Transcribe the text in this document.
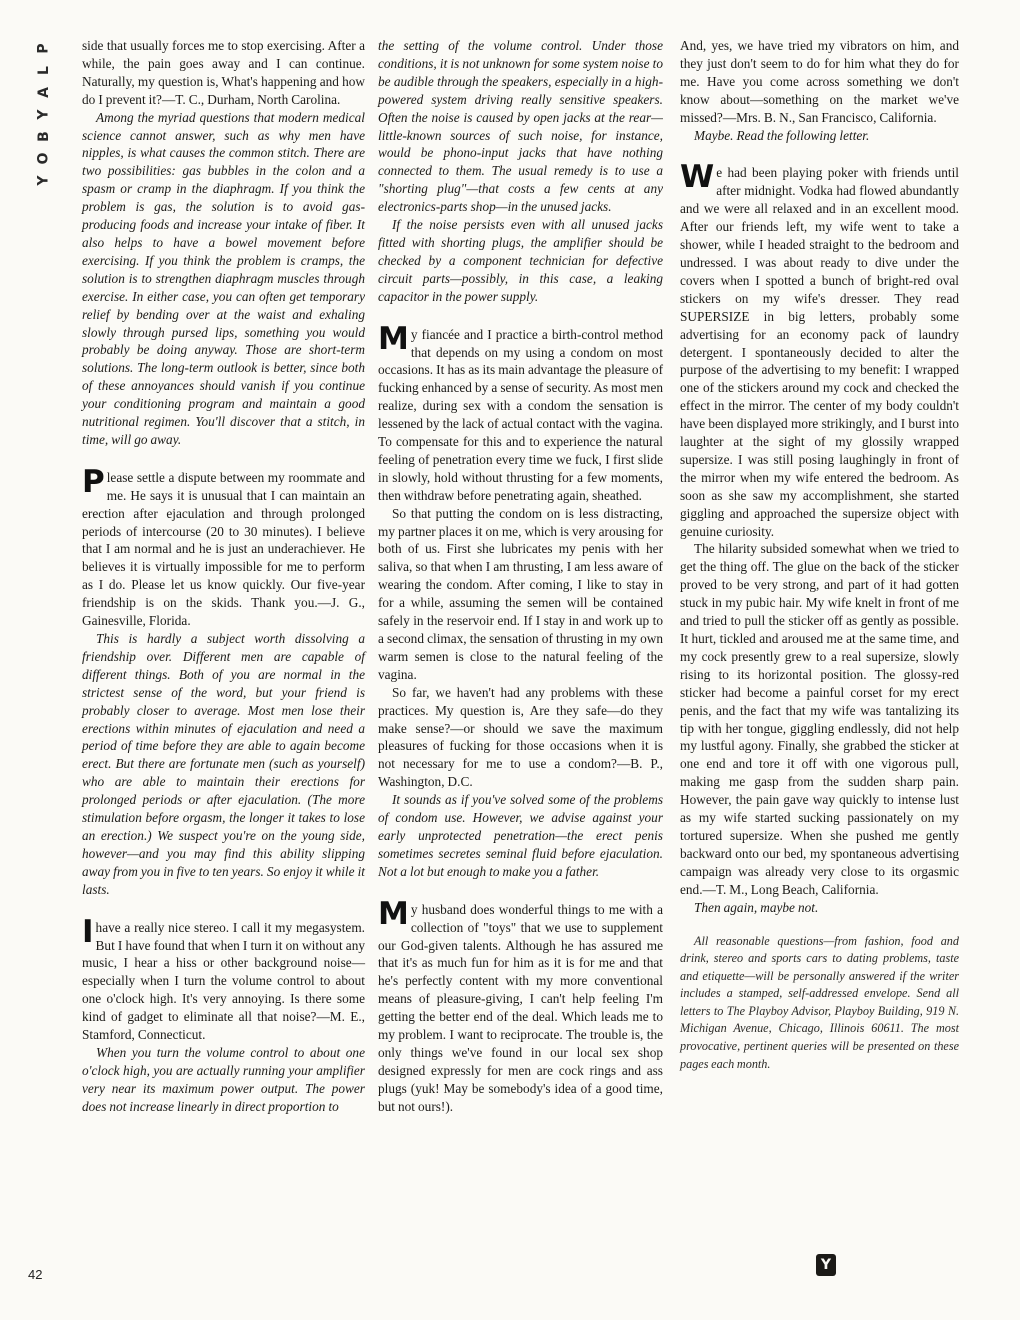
P
L
A
Y
B
O
Y
42

side that usually forces me to stop exercising. After a while, the pain goes away and I can continue. Naturally, my question is, What's happening and how do I prevent it?—T. C., Durham, North Carolina.

Among the myriad questions that modern medical science cannot answer, such as why men have nipples, is what causes the common stitch. There are two possibilities: gas bubbles in the colon and a spasm or cramp in the diaphragm. If you think the problem is gas, the solution is to avoid gas-producing foods and increase your intake of fiber. It also helps to have a bowel movement before exercising. If you think the problem is cramps, the solution is to strengthen diaphragm muscles through exercise. In either case, you can often get temporary relief by bending over at the waist and exhaling slowly through pursed lips, something you would probably be doing anyway. Those are short-term solutions. The long-term outlook is better, since both of these annoyances should vanish if you continue your conditioning program and maintain a good nutritional regimen. You'll discover that a stitch, in time, will go away.

Please settle a dispute between my roommate and me. He says it is unusual that I can maintain an erection after ejaculation and through prolonged periods of intercourse (20 to 30 minutes). I believe that I am normal and he is just an underachiever. He believes it is virtually impossible for me to perform as I do. Please let us know quickly. Our five-year friendship is on the skids. Thank you.—J. G., Gainesville, Florida.

This is hardly a subject worth dissolving a friendship over. Different men are capable of different things. Both of you are normal in the strictest sense of the word, but your friend is probably closer to average. Most men lose their erections within minutes of ejaculation and need a period of time before they are able to again become erect. But there are fortunate men (such as yourself) who are able to maintain their erections for prolonged periods or after ejaculation. (The more stimulation before orgasm, the longer it takes to lose an erection.) We suspect you're on the young side, however—and you may find this ability slipping away from you in five to ten years. So enjoy it while it lasts.

Ihave a really nice stereo. I call it my megasystem. But I have found that when I turn it on without any music, I hear a hiss or other background noise—especially when I turn the volume control to about one o'clock high. It's very annoying. Is there some kind of gadget to eliminate all that noise?—M. E., Stamford, Connecticut.

When you turn the volume control to about one o'clock high, you are actually running your amplifier very near its maximum power output. The power does not increase linearly in direct proportion to

the setting of the volume control. Under those conditions, it is not unknown for some system noise to be audible through the speakers, especially in a high-powered system driving really sensitive speakers. Often the noise is caused by open jacks at the rear—little-known sources of such noise, for instance, would be phono-input jacks that have nothing connected to them. The usual remedy is to use a "shorting plug"—that costs a few cents at any electronics-parts shop—in the unused jacks.

If the noise persists even with all unused jacks fitted with shorting plugs, the amplifier should be checked by a component technician for defective circuit parts—possibly, in this case, a leaking capacitor in the power supply.

My fiancée and I practice a birth-control method that depends on my using a condom on most occasions. It has as its main advantage the pleasure of fucking enhanced by a sense of security. As most men realize, during sex with a condom the sensation is lessened by the lack of actual contact with the vagina. To compensate for this and to experience the natural feeling of penetration every time we fuck, I first slide in slowly, hold without thrusting for a few moments, then withdraw before penetrating again, sheathed.

So that putting the condom on is less distracting, my partner places it on me, which is very arousing for both of us. First she lubricates my penis with her saliva, so that when I am thrusting, I am less aware of wearing the condom. After coming, I like to stay in for a while, assuming the semen will be contained safely in the reservoir end. If I stay in and work up to a second climax, the sensation of thrusting in my own warm semen is close to the natural feeling of the vagina.

So far, we haven't had any problems with these practices. My question is, Are they safe—do they make sense?—or should we save the maximum pleasures of fucking for those occasions when it is not necessary for me to use a condom?—B. P., Washington, D.C.

It sounds as if you've solved some of the problems of condom use. However, we advise against your early unprotected penetration—the erect penis sometimes secretes seminal fluid before ejaculation. Not a lot but enough to make you a father.

My husband does wonderful things to me with a collection of "toys" that we use to supplement our God-given talents. Although he has assured me that it's as much fun for him as it is for me and that he's perfectly content with my more conventional means of pleasure-giving, I can't help feeling I'm getting the better end of the deal. Which leads me to my problem. I want to reciprocate. The trouble is, the only things we've found in our local sex shop designed expressly for men are cock rings and ass plugs (yuk! May be somebody's idea of a good time, but not ours!).

And, yes, we have tried my vibrators on him, and they just don't seem to do for him what they do for me. Have you come across something we don't know about—something on the market we've missed?—Mrs. B. N., San Francisco, California.

Maybe. Read the following letter.

We had been playing poker with friends until after midnight. Vodka had flowed abundantly and we were all relaxed and in an excellent mood. After our friends left, my wife went to take a shower, while I headed straight to the bedroom and undressed. I was about ready to dive under the covers when I spotted a bunch of bright-red oval stickers on my wife's dresser. They read SUPERSIZE in big letters, probably some advertising for an economy pack of laundry detergent. I spontaneously decided to alter the purpose of the advertising to my benefit: I wrapped one of the stickers around my cock and checked the effect in the mirror. The center of my body couldn't have been displayed more strikingly, and I burst into laughter at the sight of my glossily wrapped supersize. I was still posing laughingly in front of the mirror when my wife entered the bedroom. As soon as she saw my accomplishment, she started giggling and approached the supersize object with genuine curiosity.

The hilarity subsided somewhat when we tried to get the thing off. The glue on the back of the sticker proved to be very strong, and part of it had gotten stuck in my pubic hair. My wife knelt in front of me and tried to pull the sticker off as gently as possible. It hurt, tickled and aroused me at the same time, and my cock presently grew to a real supersize, slowly rising to its horizontal position. The glossy-red sticker had become a painful corset for my erect penis, and the fact that my wife was tantalizing its tip with her tongue, giggling endlessly, did not help my lustful agony. Finally, she grabbed the sticker at one end and tore it off with one vigorous pull, making me gasp from the sudden sharp pain. However, the pain gave way quickly to intense lust as my wife started sucking passionately on my tortured supersize. When she pushed me gently backward onto our bed, my spontaneous advertising campaign was already very close to its orgasmic end.—T. M., Long Beach, California.

Then again, maybe not.

All reasonable questions—from fashion, food and drink, stereo and sports cars to dating problems, taste and etiquette—will be personally answered if the writer includes a stamped, self-addressed envelope. Send all letters to The Playboy Advisor, Playboy Building, 919 N. Michigan Avenue, Chicago, Illinois 60611. The most provocative, pertinent queries will be presented on these pages each month.

Y
